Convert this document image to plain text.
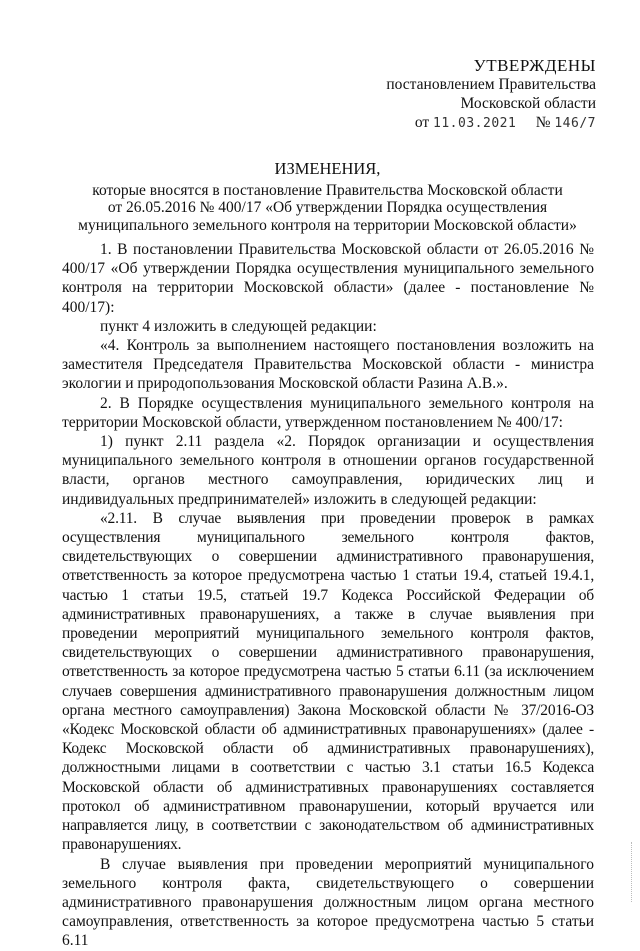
УТВЕРЖДЕНЫ
постановлением Правительства
Московской области
от 11.03.2021 № 146/7
ИЗМЕНЕНИЯ,
которые вносятся в постановление Правительства Московской области
от 26.05.2016 № 400/17 «Об утверждении Порядка осуществления
муниципального земельного контроля на территории Московской области»

1. В постановлении Правительства Московской области от 26.05.2016 № 400/17 «Об утверждении Порядка осуществления муниципального земельного контроля на территории Московской области» (далее - постановление № 400/17):

пункт 4 изложить в следующей редакции:

«4. Контроль за выполнением настоящего постановления возложить на заместителя Председателя Правительства Московской области - министра экологии и природопользования Московской области Разина А.В.».

2. В Порядке осуществления муниципального земельного контроля на территории Московской области, утвержденном постановлением № 400/17:

1) пункт 2.11 раздела «2. Порядок организации и осуществления муниципального земельного контроля в отношении органов государственной власти, органов местного самоуправления, юридических лиц и индивидуальных предпринимателей» изложить в следующей редакции:

«2.11. В случае выявления при проведении проверок в рамках осуществления муниципального земельного контроля фактов, свидетельствующих о совершении административного правонарушения, ответственность за которое предусмотрена частью 1 статьи 19.4, статьей 19.4.1, частью 1 статьи 19.5, статьей 19.7 Кодекса Российской Федерации об административных правонарушениях, а также в случае выявления при проведении мероприятий муниципального земельного контроля фактов, свидетельствующих о совершении административного правонарушения, ответственность за которое предусмотрена частью 5 статьи 6.11 (за исключением случаев совершения административного правонарушения должностным лицом органа местного самоуправления) Закона Московской области № 37/2016-ОЗ «Кодекс Московской области об административных правонарушениях» (далее - Кодекс Московской области об административных правонарушениях), должностными лицами в соответствии с частью 3.1 статьи 16.5 Кодекса Московской области об административных правонарушениях составляется протокол об административном правонарушении, который вручается или направляется лицу, в соответствии с законодательством об административных правонарушениях.

В случае выявления при проведении мероприятий муниципального земельного контроля факта, свидетельствующего о совершении административного правонарушения должностным лицом органа местного самоуправления, ответственность за которое предусмотрена частью 5 статьи 6.11
